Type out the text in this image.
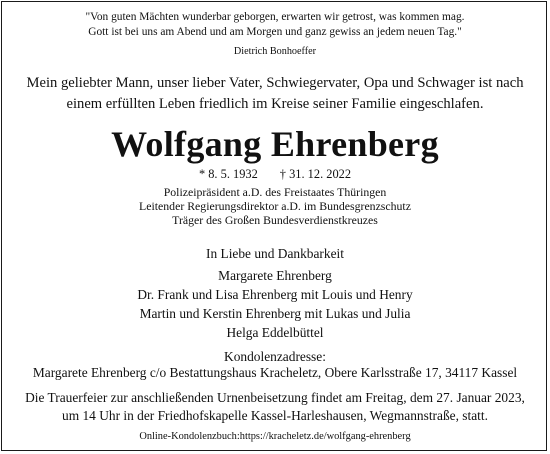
"Von guten Mächten wunderbar geborgen, erwarten wir getrost, was kommen mag.
Gott ist bei uns am Abend und am Morgen und ganz gewiss an jedem neuen Tag."
Dietrich Bonhoeffer
Mein geliebter Mann, unser lieber Vater, Schwiegervater, Opa und Schwager ist nach
einem erfüllten Leben friedlich im Kreise seiner Familie eingeschlafen.
Wolfgang Ehrenberg
* 8. 5. 1932 † 31. 12. 2022
Polizeipräsident a.D. des Freistaates Thüringen
Leitender Regierungsdirektor a.D. im Bundesgrenzschutz
Träger des Großen Bundesverdienstkreuzes
In Liebe und Dankbarkeit
Margarete Ehrenberg
Dr. Frank und Lisa Ehrenberg mit Louis und Henry
Martin und Kerstin Ehrenberg mit Lukas und Julia
Helga Eddelbüttel
Kondolenzadresse:
Margarete Ehrenberg c/o Bestattungshaus Kracheletz, Obere Karlsstraße 17, 34117 Kassel
Die Trauerfeier zur anschließenden Urnenbeisetzung findet am Freitag, dem 27. Januar 2023,
um 14 Uhr in der Friedhofskapelle Kassel-Harleshausen, Wegmannstraße, statt.
Online-Kondolenzbuch:https://kracheletz.de/wolfgang-ehrenberg
